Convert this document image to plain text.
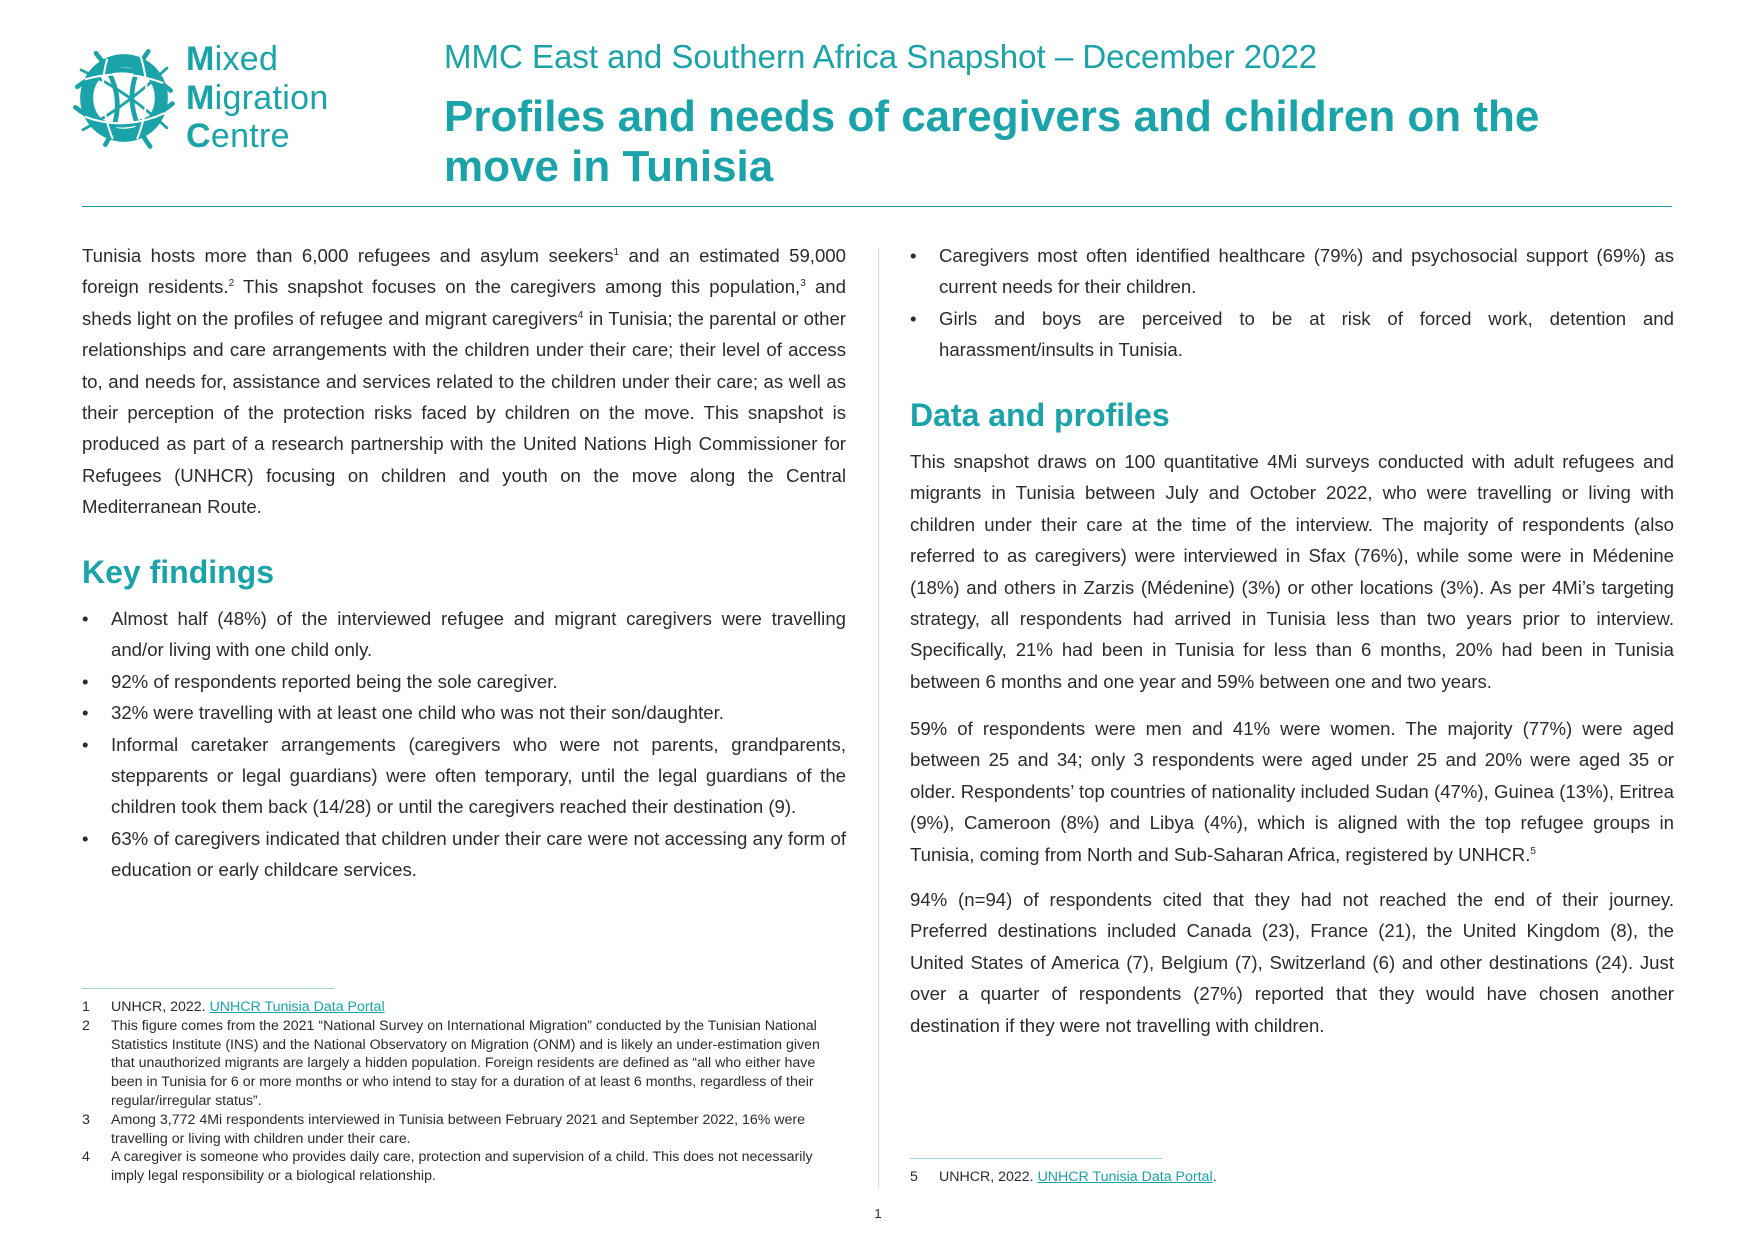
Mixed
Migration
Centre
MMC East and Southern Africa Snapshot – December 2022
Profiles and needs of caregivers and children on the move in Tunisia

Tunisia hosts more than 6,000 refugees and asylum seekers$^1$ and an estimated 59,000 foreign residents.$^2$ This snapshot focuses on the caregivers among this population,$^3$ and sheds light on the profiles of refugee and migrant caregivers$^4$ in Tunisia; the parental or other relationships and care arrangements with the children under their care; their level of access to, and needs for, assistance and services related to the children under their care; as well as their perception of the protection risks faced by children on the move. This snapshot is produced as part of a research partnership with the United Nations High Commissioner for Refugees (UNHCR) focusing on children and youth on the move along the Central Mediterranean Route.

Key findings
• Almost half (48%) of the interviewed refugee and migrant caregivers were travelling and/or living with one child only.
• 92% of respondents reported being the sole caregiver.
• 32% were travelling with at least one child who was not their son/daughter.
• Informal caretaker arrangements (caregivers who were not parents, grandparents, stepparents or legal guardians) were often temporary, until the legal guardians of the children took them back (14/28) or until the caregivers reached their destination (9).
• 63% of caregivers indicated that children under their care were not accessing any form of education or early childcare services.
1 UNHCR, 2022. UNHCR Tunisia Data Portal
2 This figure comes from the 2021 “National Survey on International Migration” conducted by the Tunisian National Statistics Institute (INS) and the National Observatory on Migration (ONM) and is likely an under-estimation given that unauthorized migrants are largely a hidden population. Foreign residents are defined as “all who either have been in Tunisia for 6 or more months or who intend to stay for a duration of at least 6 months, regardless of their regular/irregular status”.
3 Among 3,772 4Mi respondents interviewed in Tunisia between February 2021 and September 2022, 16% were travelling or living with children under their care.
4 A caregiver is someone who provides daily care, protection and supervision of a child. This does not necessarily imply legal responsibility or a biological relationship.
• Caregivers most often identified healthcare (79%) and psychosocial support (69%) as current needs for their children.
• Girls and boys are perceived to be at risk of forced work, detention and harassment/insults in Tunisia.
Data and profiles

This snapshot draws on 100 quantitative 4Mi surveys conducted with adult refugees and migrants in Tunisia between July and October 2022, who were travelling or living with children under their care at the time of the interview. The majority of respondents (also referred to as caregivers) were interviewed in Sfax (76%), while some were in Médenine (18%) and others in Zarzis (Médenine) (3%) or other locations (3%). As per 4Mi’s targeting strategy, all respondents had arrived in Tunisia less than two years prior to interview. Specifically, 21% had been in Tunisia for less than 6 months, 20% had been in Tunisia between 6 months and one year and 59% between one and two years.

59% of respondents were men and 41% were women. The majority (77%) were aged between 25 and 34; only 3 respondents were aged under 25 and 20% were aged 35 or older. Respondents’ top countries of nationality included Sudan (47%), Guinea (13%), Eritrea (9%), Cameroon (8%) and Libya (4%), which is aligned with the top refugee groups in Tunisia, coming from North and Sub-Saharan Africa, registered by UNHCR.$^5$

94% (n=94) of respondents cited that they had not reached the end of their journey. Preferred destinations included Canada (23), France (21), the United Kingdom (8), the United States of America (7), Belgium (7), Switzerland (6) and other destinations (24). Just over a quarter of respondents (27%) reported that they would have chosen another destination if they were not travelling with children.

5 UNHCR, 2022. UNHCR Tunisia Data Portal.
1
